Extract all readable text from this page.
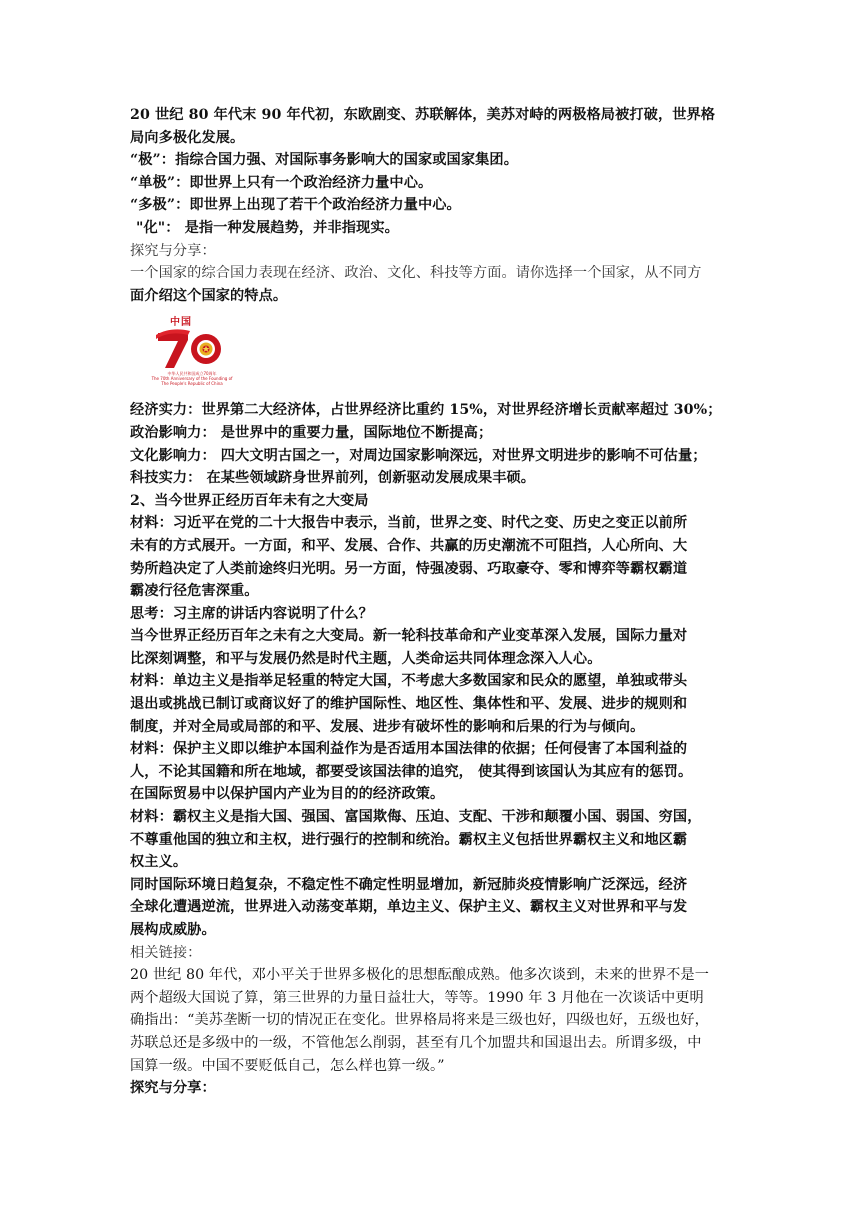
20 世纪 80 年代末 90 年代初，东欧剧变、苏联解体，美苏对峙的两极格局被打破，世界格
局向多极化发展。
“极”：指综合国力强、对国际事务影响大的国家或国家集团。
“单极”：即世界上只有一个政治经济力量中心。
“多极”：即世界上出现了若干个政治经济力量中心。
"化"： 是指一种发展趋势，并非指现实。
探究与分享：
一个国家的综合国力表现在经济、政治、文化、科技等方面。请你选择一个国家，从不同方
面介绍这个国家的特点。
中国
中华人民共和国成立70周年
The 70th Anniversary of the Founding of
The People's Republic of China
经济实力：世界第二大经济体，占世界经济比重约 15%，对世界经济增长贡献率超过 30%；
政治影响力： 是世界中的重要力量，国际地位不断提高；
文化影响力： 四大文明古国之一，对周边国家影响深远，对世界文明进步的影响不可估量；
科技实力： 在某些领域跻身世界前列，创新驱动发展成果丰硕。
2、当今世界正经历百年未有之大变局
材料：习近平在党的二十大报告中表示，当前，世界之变、时代之变、历史之变正以前所
未有的方式展开。一方面，和平、发展、合作、共赢的历史潮流不可阻挡，人心所向、大
势所趋决定了人类前途终归光明。另一方面，恃强凌弱、巧取豪夺、零和博弈等霸权霸道
霸凌行径危害深重。
思考：习主席的讲话内容说明了什么？
当今世界正经历百年之未有之大变局。新一轮科技革命和产业变革深入发展，国际力量对
比深刻调整，和平与发展仍然是时代主题，人类命运共同体理念深入人心。
材料：单边主义是指举足轻重的特定大国，不考虑大多数国家和民众的愿望，单独或带头
退出或挑战已制订或商议好了的维护国际性、地区性、集体性和平、发展、进步的规则和
制度，并对全局或局部的和平、发展、进步有破坏性的影响和后果的行为与倾向。
材料：保护主义即以维护本国利益作为是否适用本国法律的依据；任何侵害了本国利益的
人，不论其国籍和所在地域，都要受该国法律的追究， 使其得到该国认为其应有的惩罚。
在国际贸易中以保护国内产业为目的的经济政策。
材料：霸权主义是指大国、强国、富国欺侮、压迫、支配、干涉和颠覆小国、弱国、穷国，
不尊重他国的独立和主权，进行强行的控制和统治。霸权主义包括世界霸权主义和地区霸
权主义。
同时国际环境日趋复杂，不稳定性不确定性明显增加，新冠肺炎疫情影响广泛深远，经济
全球化遭遇逆流，世界进入动荡变革期，单边主义、保护主义、霸权主义对世界和平与发
展构成威胁。
相关链接：
20 世纪 80 年代，邓小平关于世界多极化的思想酝酿成熟。他多次谈到，未来的世界不是一
两个超级大国说了算，第三世界的力量日益壮大，等等。1990 年 3 月他在一次谈话中更明
确指出：“美苏垄断一切的情况正在变化。世界格局将来是三级也好，四级也好，五级也好，
苏联总还是多级中的一级，不管他怎么削弱，甚至有几个加盟共和国退出去。所谓多级，中
国算一级。中国不要贬低自己，怎么样也算一级。”
探究与分享：
